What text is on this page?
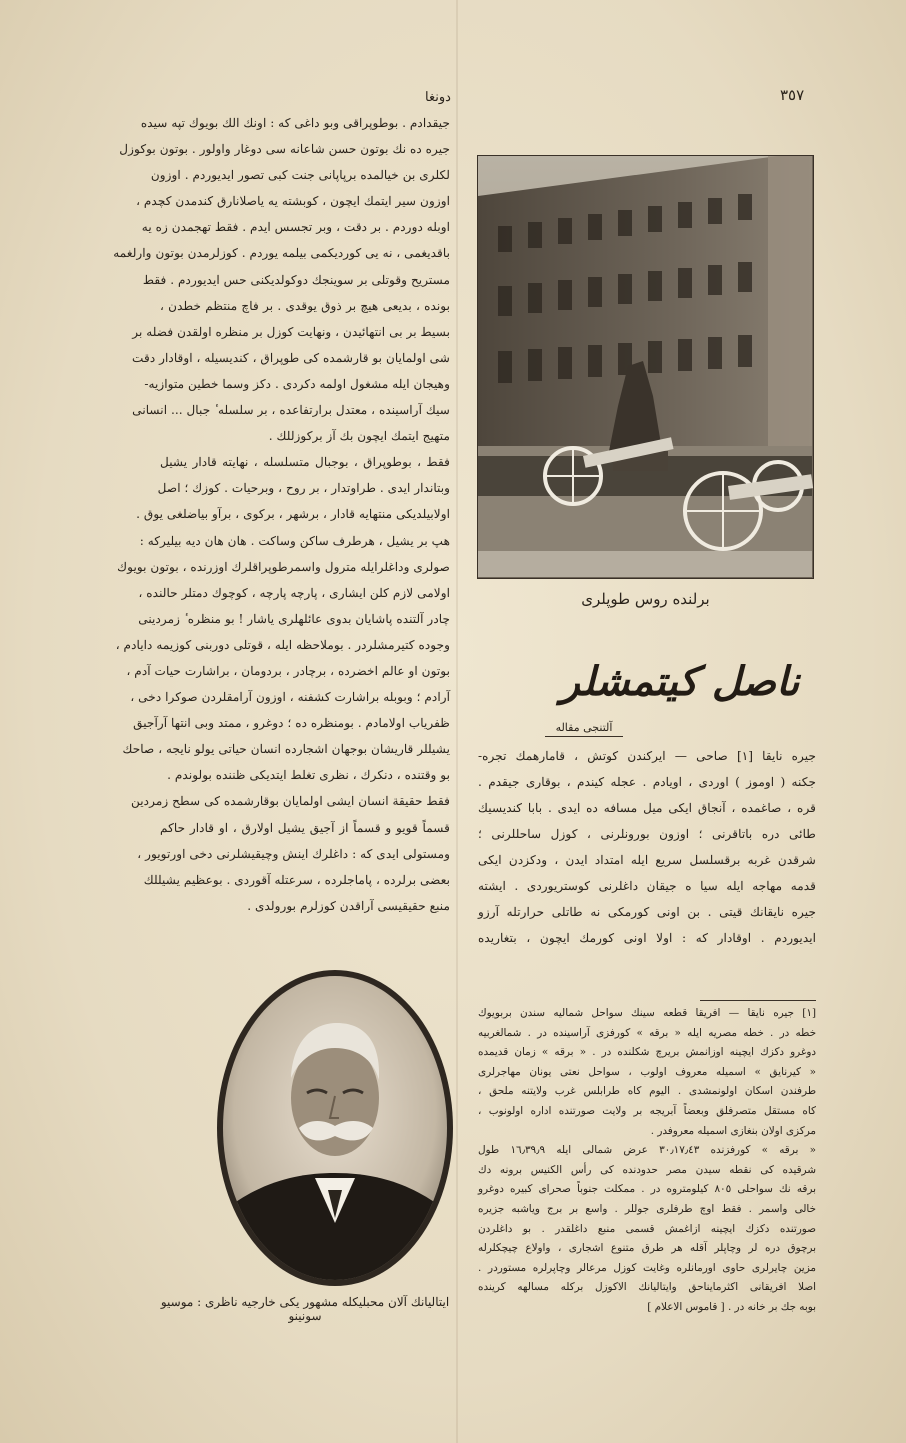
٣٥٧
دونغا

جيقدادم . بوطوپراقى وبو داغى كه : اونك الك بويوك تپه سيده
جيره ده نك بوتون حسن شاعانه سى دوغار واولور . بوتون بوكوزل
لكلرى بن خيالمده برپاپانى جنت كبى تصور ايديوردم . اوزون
اوزون سير ايتمك ايچون ، كوبشته يه ياصلانارق كندمدن كچدم ،
اوبله دوردم . بر دقت ، وبر تجسس ايدم . فقط تهجمدن زه يه
باقديغمى ، نه يى كورديكمى بيلمه يوردم . كوزلرمدن بوتون وارلغمه
مستريح وقوتلى بر سوينجك دوكولديكنى حس ايديوردم . فقط
بونده ، بديعى هيچ بر ذوق يوقدى . بر فاچ منتظم خطدن ،
بسيط بر بى انتهائيدن ، ونهايت كوزل بر منظره اولقدن فضله بر
شى اولمايان بو قارشمده كى طوپراق ، كنديسيله ، اوقادار دقت
وهيجان ايله مشغول اولمه دكردى . دكز وسما خطين متوازيه-
سيك آراسينده ، معتدل برارتفاعده ، بر سلسله ٔ جبال ... انسانى
متهيج ايتمك ايچون بك آز بركوزللك .

فقط ، بوطوپراق ، بوجبال متسلسله ، نهايته قادار يشيل
وبتاندار ايدى . طراوتدار ، بر روح ، وبرحيات . كوزك ؛ اصل
اولابيلديكى منتهايه قادار ، برشهر ، بركوى ، برآو بياضلغى يوق .
هپ بر يشيل ، هرطرف ساكن وساكت . هان هان ديه بيليركه :
صولرى وداغلرايله مترول واسمرطوپراقلرك اوزرنده ، بوتون بويوك
اولامى لازم كلن ايشارى ، پارچه پارچه ، كوچوك دمتلر حالنده ،
چادر آلتنده پاشايان بدوى عائلهلرى ياشار ! بو منظره ٔ زمردينى
وجوده كتيرمشلردر . بوملاحظه ايله ، قوتلى دوربنى كوزيمه دايادم ،
بوتون او عالم اخضرده ، برچادر ، بردومان ، براشارت حيات آدم ،
آرادم ؛ وبوبله براشارت كشفنه ، اوزون آرامقلردن صوكرا دخى ،
ظفرياب اولامادم . بومنظره ده ؛ دوغرو ، ممتد وبى انتها آرآجيق
يشيللر قاريشان بوجهان اشجارده انسان حياتى يولو نايجه ، صاحك
بو وقتنده ، دنكرك ، نظرى تغلط ايتديكى ظننده بولوندم .

فقط حقيقة انسان ايشى اولمايان بوقارشمده كى سطح زمردين
قسماً قويو و قسماً از آجيق يشيل اولارق ، او قادار حاكم
ومستولى ايدى كه : داغلرك اينش وچيقيشلرنى دخى اورتويور ،
بعضى برلرده ، پاماجلرده ، سرعتله آقوردى . بوعظيم يشيللك
منبع حقيقيسى آراقدن كوزلرم بورولدى .

برلنده روس طوپلرى
ناصل كيتمشلر
آلتنجى مقاله
جيره نايقا [١] صاحى — ايركندن كوتش ، قامارهمك تجره-
جكنه ( اوموز ) اوردى ، اويادم . عجله كيندم ، بوقارى جيقدم .
قره ، صاغمده ، آنجاق ايكى ميل مسافه ده ايدى . بابا كنديسيك
طائى دره باتاقرنى ؛ اوزون بورونلرنى ، كوزل ساحللرنى ؛
شرقدن غربه برقسلسل سريع ايله امتداد ايدن ، ودكزدن ايكى
قدمه مهاجه ايله سيا ه جيقان داغلرنى كوستريوردى . ايشته
جيره نايقانك قيتى . بن اونى كورمكى نه طاتلى حرارتله آرزو
ايديوردم . اوقادار كه : اولا اونى كورمك ايچون ، بتغاريده

[١] جيره نايقا — افريقا قطعه سينك سواحل شماليه سندن بربويوك
خطه در . خطه مصريه ايله « برقه » كورفزى آراسينده در . شمالغربيه
دوغرو دكزك ايچينه اوزانمش بريرچ شكلنده در . « برقه » زمان قديمده
« كيرنايق » اسميله معروف اولوب ، سواحل نعتى يونان مهاجرلرى
طرفندن اسكان اولونمشدى . اليوم كاه طرابلس غرب ولايتنه ملحق ،
كاه مستقل متصرفلق وبعضاً آبريجه بر ولايت صورتنده اداره اولونوب ،
مركزى اولان بنغازى اسميله معروفدر .

« برقه » كورفزنده ٣٠٫١٧٫٤٣ عرض شمالى ايله ١٦٫٣٩٫٩ طول
شرقيده كى نقطه سيدن مصر حدودنده كى رأس الكنيس برونه دك
برقه نك سواحلى ٨٠٥ كيلومتروه در . ممكلت جنوباً صحراى كبيره دوغرو
خالى واسمر . فقط اوچ طرفلرى جوللر . واسع بر برج وياشبه جزيره
صورتنده دكزك ايچينه ازاغمش قسمى منبع داغلقدر . بو داغلردن
برچوق دره لر وچاپلر آقله هر طرق متنوع اشجارى ، واولاع چيچكلرله
مزين چايرلرى حاوى اورمانلره وغايت كوزل مرعالر وچاپرلره مستوردر .
اصلا افريقانى اكثرمايناحق وايتاليانك الاكوزل بركله مسالهه كرينده
بوبه جك بر خانه در . [ قاموس الاعلام ]

ايتاليانك آلان محبليكله مشهور يكى خارجيه ناظرى : موسيو سونينو
